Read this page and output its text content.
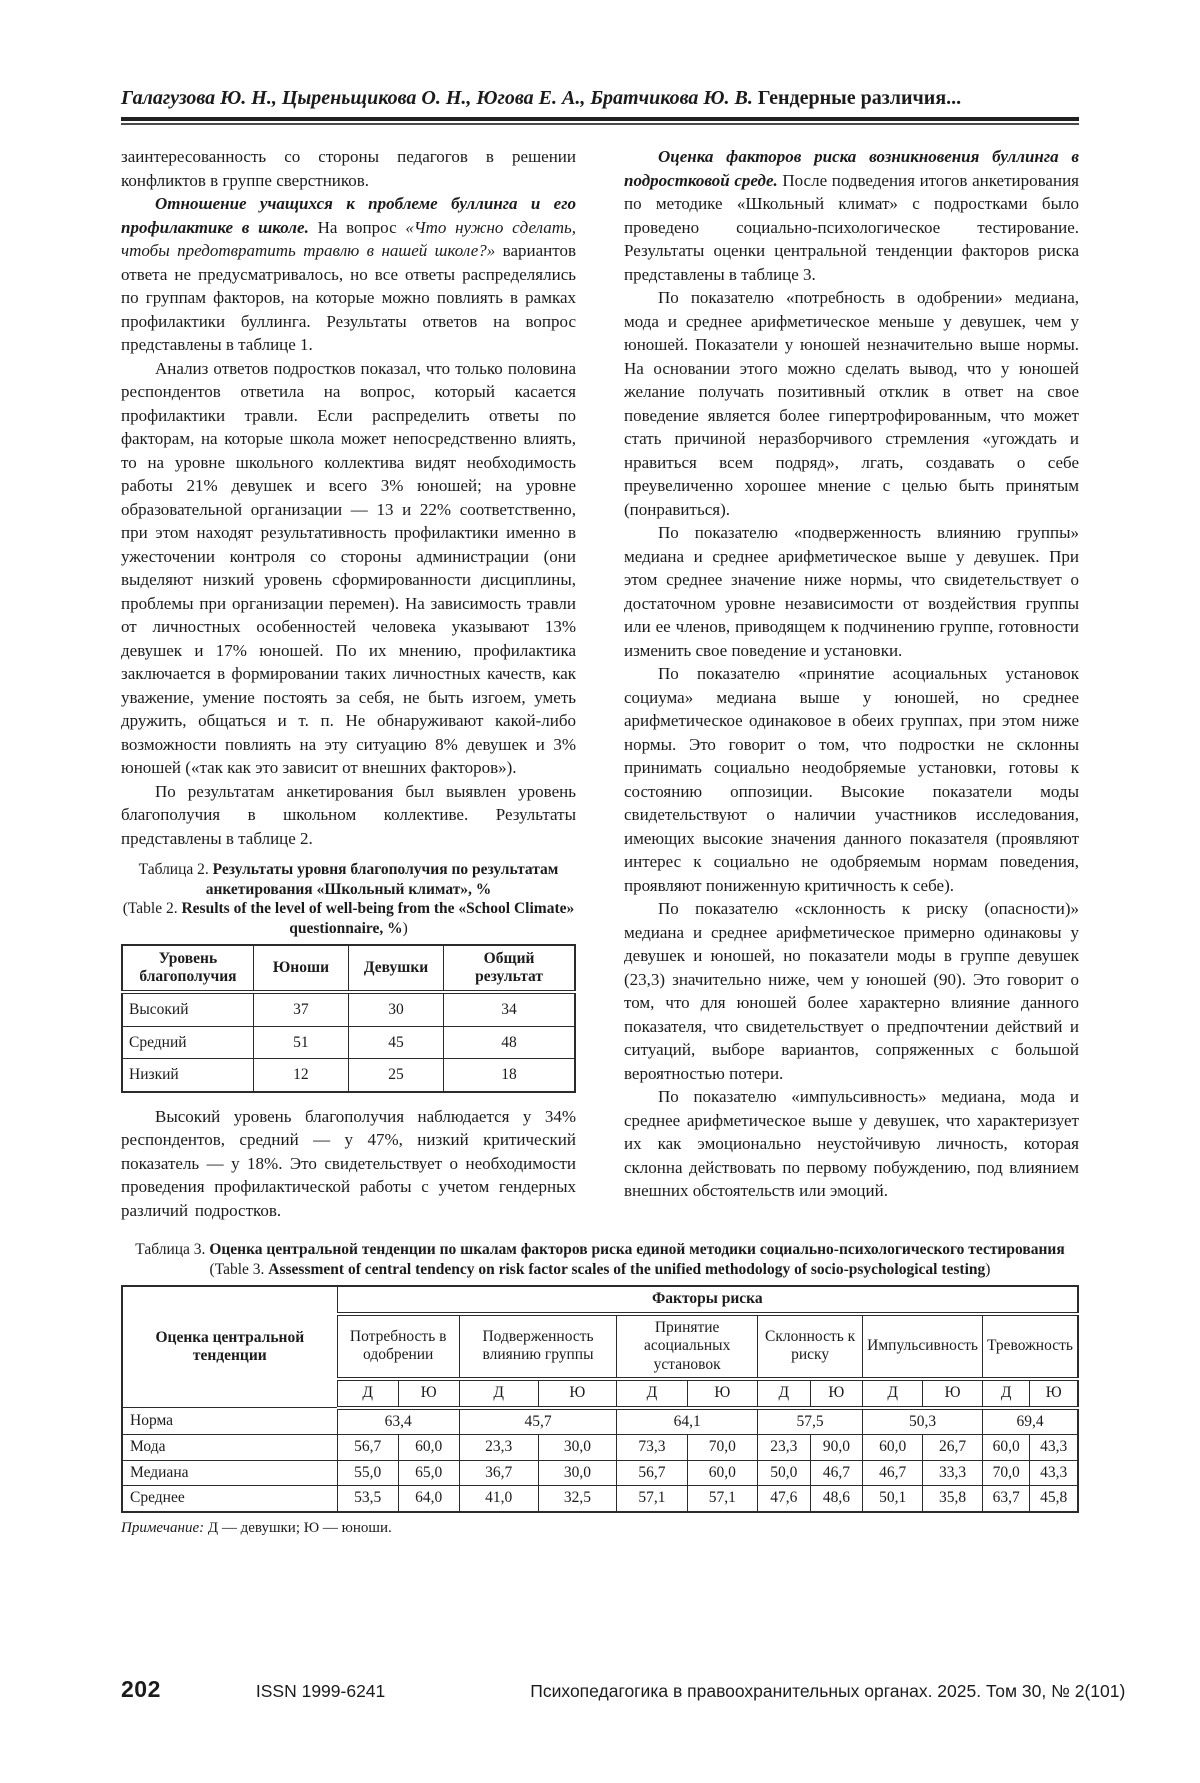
Галагузова Ю. Н., Цыреньщикова О. Н., Югова Е. А., Братчикова Ю. В. Гендерные различия...

заинтересованность со стороны педагогов в решении конфликтов в группе сверстников.

Отношение учащихся к проблеме буллинга и его профилактике в школе. На вопрос «Что нужно сделать, чтобы предотвратить травлю в нашей школе?» вариантов ответа не предусматривалось, но все ответы распределялись по группам факторов, на которые можно повлиять в рамках профилактики буллинга. Результаты ответов на вопрос представлены в таблице 1.

Анализ ответов подростков показал, что только половина респондентов ответила на вопрос, который касается профилактики травли. Если распределить ответы по факторам, на которые школа может непосредственно влиять, то на уровне школьного коллектива видят необходимость работы 21% девушек и всего 3% юношей; на уровне образовательной организации — 13 и 22% соответственно, при этом находят результативность профилактики именно в ужесточении контроля со стороны администрации (они выделяют низкий уровень сформированности дисциплины, проблемы при организации перемен). На зависимость травли от личностных особенностей человека указывают 13% девушек и 17% юношей. По их мнению, профилактика заключается в формировании таких личностных качеств, как уважение, умение постоять за себя, не быть изгоем, уметь дружить, общаться и т. п. Не обнаруживают какой-либо возможности повлиять на эту ситуацию 8% девушек и 3% юношей («так как это зависит от внешних факторов»).

По результатам анкетирования был выявлен уровень благополучия в школьном коллективе. Результаты представлены в таблице 2.

Таблица 2. Результаты уровня благополучия по результатам анкетирования «Школьный климат», %
(Table 2. Results of the level of well-being from the «School Climate» questionnaire, %)
Уровень благополучия	Юноши	Девушки	Общий результат
Высокий	37	30	34
Средний	51	45	48
Низкий	12	25	18

Высокий уровень благополучия наблюдается у 34% респондентов, средний — у 47%, низкий критический показатель — у 18%. Это свидетельствует о необходимости проведения профилактической работы с учетом гендерных различий подростков.

Оценка факторов риска возникновения буллинга в подростковой среде. После подведения итогов анкетирования по методике «Школьный климат» с подростками было проведено социально-психологическое тестирование. Результаты оценки центральной тенденции факторов риска представлены в таблице 3.

По показателю «потребность в одобрении» медиана, мода и среднее арифметическое меньше у девушек, чем у юношей. Показатели у юношей незначительно выше нормы. На основании этого можно сделать вывод, что у юношей желание получать позитивный отклик в ответ на свое поведение является более гипертрофированным, что может стать причиной неразборчивого стремления «угождать и нравиться всем подряд», лгать, создавать о себе преувеличенно хорошее мнение с целью быть принятым (понравиться).

По показателю «подверженность влиянию группы» медиана и среднее арифметическое выше у девушек. При этом среднее значение ниже нормы, что свидетельствует о достаточном уровне независимости от воздействия группы или ее членов, приводящем к подчинению группе, готовности изменить свое поведение и установки.

По показателю «принятие асоциальных установок социума» медиана выше у юношей, но среднее арифметическое одинаковое в обеих группах, при этом ниже нормы. Это говорит о том, что подростки не склонны принимать социально неодобряемые установки, готовы к состоянию оппозиции. Высокие показатели моды свидетельствуют о наличии участников исследования, имеющих высокие значения данного показателя (проявляют интерес к социально не одобряемым нормам поведения, проявляют пониженную критичность к себе).

По показателю «склонность к риску (опасности)» медиана и среднее арифметическое примерно одинаковы у девушек и юношей, но показатели моды в группе девушек (23,3) значительно ниже, чем у юношей (90). Это говорит о том, что для юношей более характерно влияние данного показателя, что свидетельствует о предпочтении действий и ситуаций, выборе вариантов, сопряженных с большой вероятностью потери.

По показателю «импульсивность» медиана, мода и среднее арифметическое выше у девушек, что характеризует их как эмоционально неустойчивую личность, которая склонна действовать по первому побуждению, под влиянием внешних обстоятельств или эмоций.

Таблица 3. Оценка центральной тенденции по шкалам факторов риска единой методики социально-психологического тестирования
(Table 3. Assessment of central tendency on risk factor scales of the unified methodology of socio-psychological testing)
Оценка центральной тенденции	Факторы риска											
	Потребность в одобрении		Подверженность влиянию группы		Принятие асоциальных установок		Склонность к риску		Импульсивность		Тревожность	
	Д	Ю	Д	Ю	Д	Ю	Д	Ю	Д	Ю	Д	Ю
Норма	63,4		45,7		64,1		57,5		50,3		69,4	
Мода	56,7	60,0	23,3	30,0	73,3	70,0	23,3	90,0	60,0	26,7	60,0	43,3
Медиана	55,0	65,0	36,7	30,0	56,7	60,0	50,0	46,7	46,7	33,3	70,0	43,3
Среднее	53,5	64,0	41,0	32,5	57,1	57,1	47,6	48,6	50,1	35,8	63,7	45,8
Примечание: Д — девушки; Ю — юноши.
202	ISSN 1999-6241	Психопедагогика в правоохранительных органах. 2025. Том 30, № 2(101)
